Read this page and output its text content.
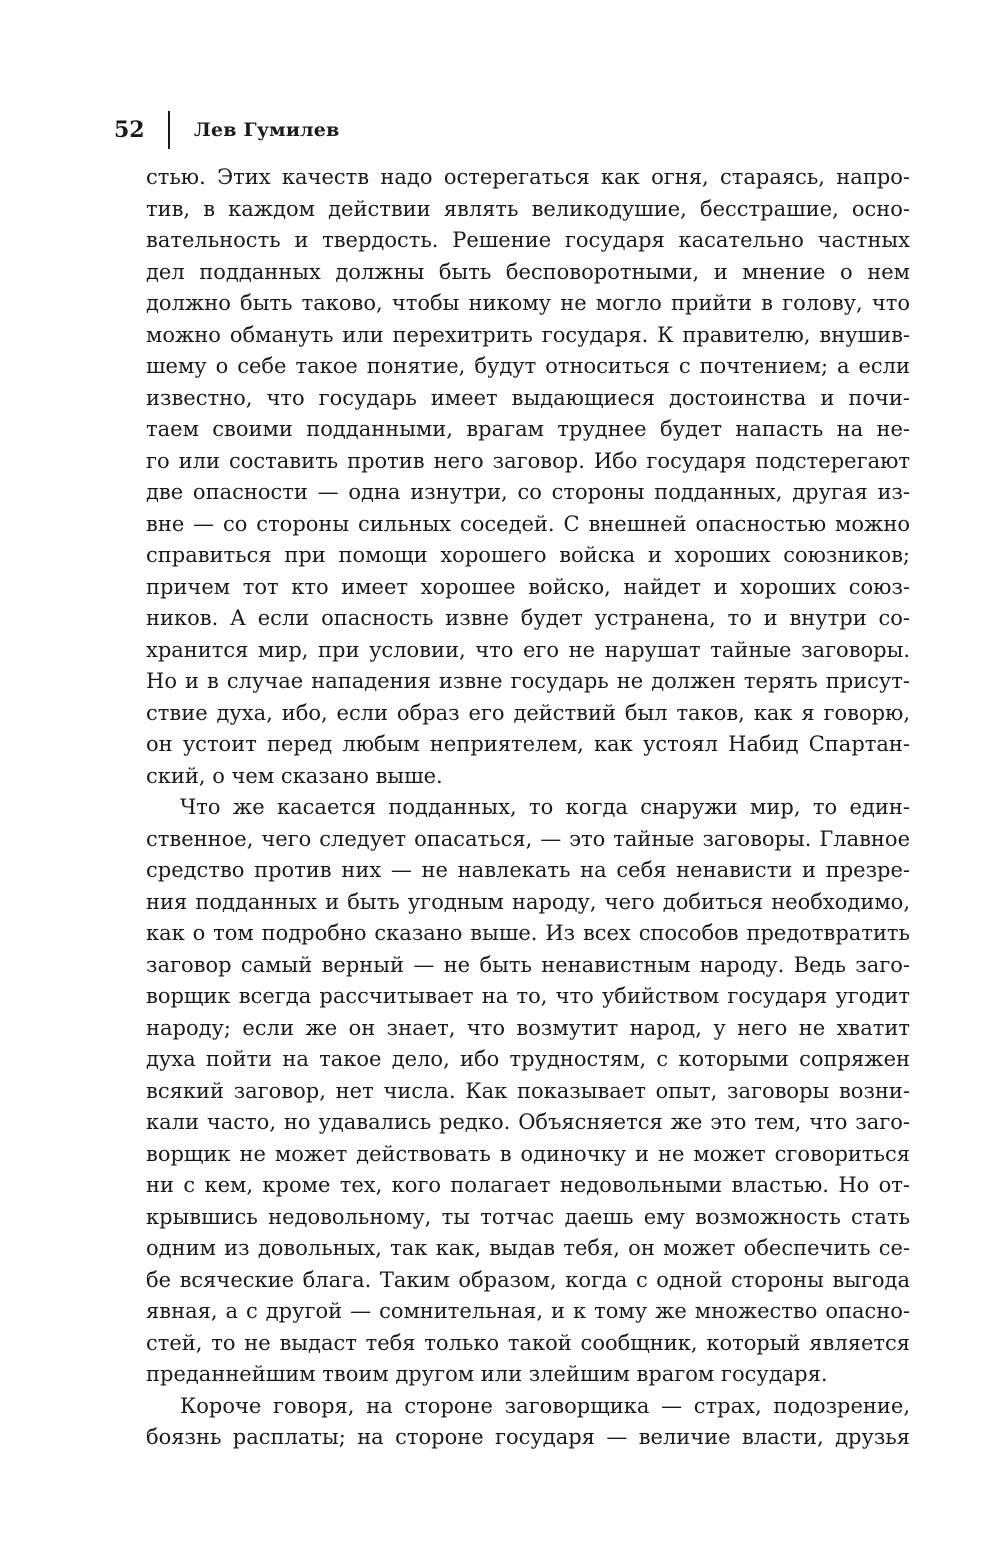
52	Лев Гумилев
стью. Этих качеств надо остерегаться как огня, стараясь, напро-
тив, в каждом действии являть великодушие, бесстрашие, осно-
вательность и твердость. Решение государя касательно частных
дел подданных должны быть бесповоротными, и мнение о нем
должно быть таково, чтобы никому не могло прийти в голову, что
можно обмануть или перехитрить государя. К правителю, внушив-
шему о себе такое понятие, будут относиться с почтением; а если
известно, что государь имеет выдающиеся достоинства и почи-
таем своими подданными, врагам труднее будет напасть на не-
го или составить против него заговор. Ибо государя подстерегают
две опасности — одна изнутри, со стороны подданных, другая из-
вне — со стороны сильных соседей. С внешней опасностью можно
справиться при помощи хорошего войска и хороших союзников;
причем тот кто имеет хорошее войско, найдет и хороших союз-
ников. А если опасность извне будет устранена, то и внутри со-
хранится мир, при условии, что его не нарушат тайные заговоры.
Но и в случае нападения извне государь не должен терять присут-
ствие духа, ибо, если образ его действий был таков, как я говорю,
он устоит перед любым неприятелем, как устоял Набид Спартан-
ский, о чем сказано выше.
Что же касается подданных, то когда снаружи мир, то един-
ственное, чего следует опасаться, — это тайные заговоры. Главное
средство против них — не навлекать на себя ненависти и презре-
ния подданных и быть угодным народу, чего добиться необходимо,
как о том подробно сказано выше. Из всех способов предотвратить
заговор самый верный — не быть ненавистным народу. Ведь заго-
ворщик всегда рассчитывает на то, что убийством государя угодит
народу; если же он знает, что возмутит народ, у него не хватит
духа пойти на такое дело, ибо трудностям, с которыми сопряжен
всякий заговор, нет числа. Как показывает опыт, заговоры возни-
кали часто, но удавались редко. Объясняется же это тем, что заго-
ворщик не может действовать в одиночку и не может сговориться
ни с кем, кроме тех, кого полагает недовольными властью. Но от-
крывшись недовольному, ты тотчас даешь ему возможность стать
одним из довольных, так как, выдав тебя, он может обеспечить се-
бе всяческие блага. Таким образом, когда с одной стороны выгода
явная, а с другой — сомнительная, и к тому же множество опасно-
стей, то не выдаст тебя только такой сообщник, который является
преданнейшим твоим другом или злейшим врагом государя.
Короче говоря, на стороне заговорщика — страх, подозрение,
боязнь расплаты; на стороне государя — величие власти, друзья
